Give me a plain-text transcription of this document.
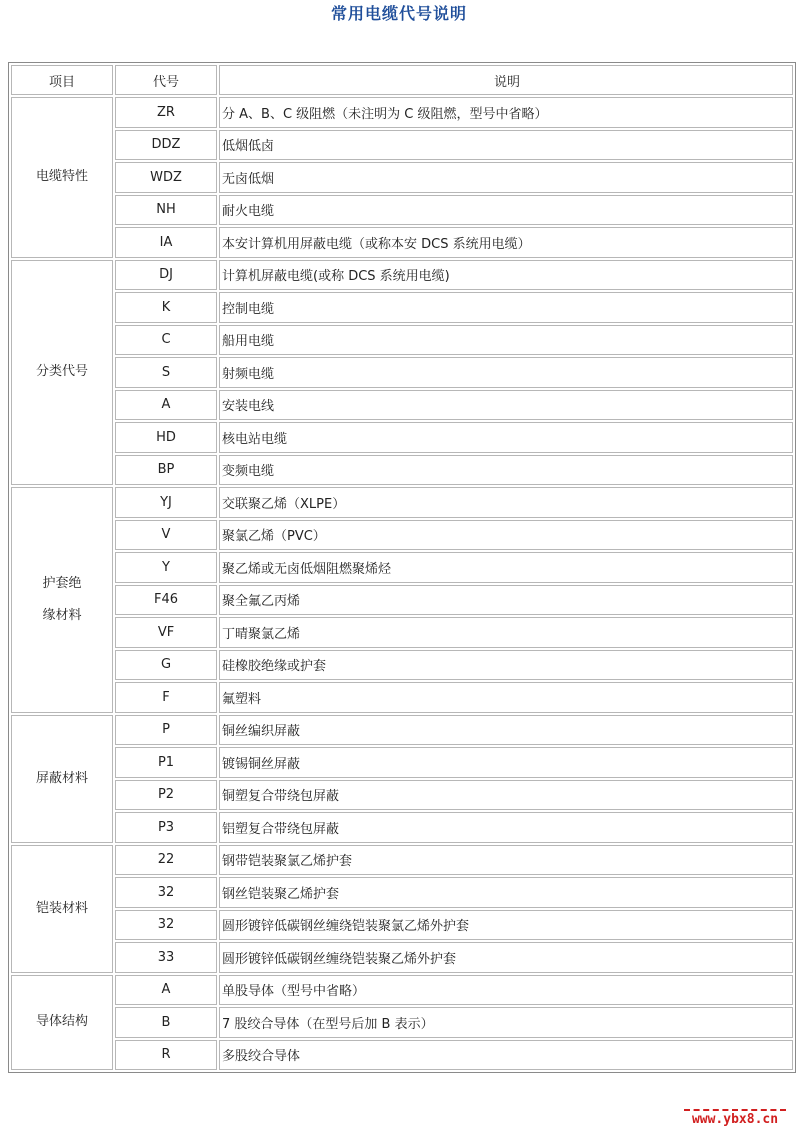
常用电缆代号说明
项目	代号	说明
电缆特性	ZR	分 A、B、C 级阻燃（未注明为 C 级阻燃，型号中省略）
	DDZ	低烟低卤
	WDZ	无卤低烟
	NH	耐火电缆
	IA	本安计算机用屏蔽电缆（或称本安 DCS 系统用电缆）
分类代号	DJ	计算机屏蔽电缆(或称 DCS 系统用电缆)
	K	控制电缆
	C	船用电缆
	S	射频电缆
	A	安装电线
	HD	核电站电缆
	BP	变频电缆
护套绝缘材料	YJ	交联聚乙烯（XLPE）
	V	聚氯乙烯（PVC）
	Y	聚乙烯或无卤低烟阻燃聚烯烃
	F46	聚全氟乙丙烯
	VF	丁晴聚氯乙烯
	G	硅橡胶绝缘或护套
	F	氟塑料
屏蔽材料	P	铜丝编织屏蔽
	P1	镀锡铜丝屏蔽
	P2	铜塑复合带绕包屏蔽
	P3	铝塑复合带绕包屏蔽
铠装材料	22	钢带铠装聚氯乙烯护套
	32	钢丝铠装聚乙烯护套
	32	圆形镀锌低碳钢丝缠绕铠装聚氯乙烯外护套
	33	圆形镀锌低碳钢丝缠绕铠装聚乙烯外护套
导体结构	A	单股导体（型号中省略）
	B	7 股绞合导体（在型号后加 B 表示）
	R	多股绞合导体
www.ybx8.cn
